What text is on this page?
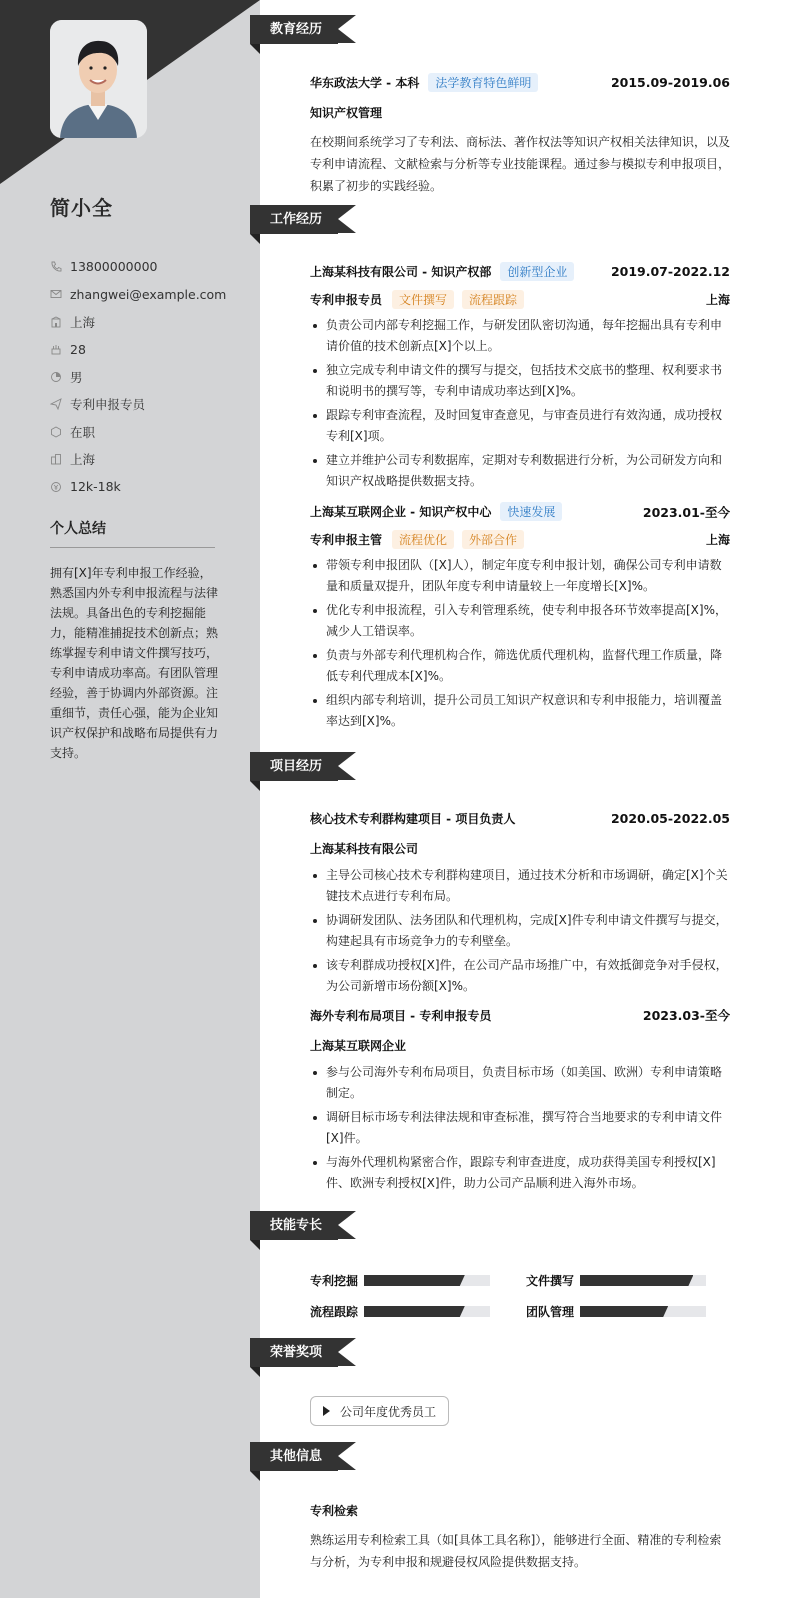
简小全
13800000000
zhangwei@example.com
上海
28
男
专利申报专员
在职
上海
12k-18k
个人总结
拥有[X]年专利申报工作经验，熟悉国内外专利申报流程与法律法规。具备出色的专利挖掘能力，能精准捕捉技术创新点；熟练掌握专利申请文件撰写技巧，专利申请成功率高。有团队管理经验，善于协调内外部资源。注重细节，责任心强，能为企业知识产权保护和战略布局提供有力支持。
教育经历
华东政法大学 - 本科	法学教育特色鲜明	2015.09-2019.06
知识产权管理
在校期间系统学习了专利法、商标法、著作权法等知识产权相关法律知识，以及专利申请流程、文献检索与分析等专业技能课程。通过参与模拟专利申报项目，积累了初步的实践经验。
工作经历
上海某科技有限公司 - 知识产权部	创新型企业	2019.07-2022.12
专利申报专员	文件撰写	流程跟踪	上海
负责公司内部专利挖掘工作，与研发团队密切沟通，每年挖掘出具有专利申请价值的技术创新点[X]个以上。
独立完成专利申请文件的撰写与提交，包括技术交底书的整理、权利要求书和说明书的撰写等，专利申请成功率达到[X]%。
跟踪专利审查流程，及时回复审查意见，与审查员进行有效沟通，成功授权专利[X]项。
建立并维护公司专利数据库，定期对专利数据进行分析，为公司研发方向和知识产权战略提供数据支持。
上海某互联网企业 - 知识产权中心	快速发展	2023.01-至今
专利申报主管	流程优化	外部合作	上海
带领专利申报团队（[X]人），制定年度专利申报计划，确保公司专利申请数量和质量双提升，团队年度专利申请量较上一年度增长[X]%。
优化专利申报流程，引入专利管理系统，使专利申报各环节效率提高[X]%，减少人工错误率。
负责与外部专利代理机构合作，筛选优质代理机构，监督代理工作质量，降低专利代理成本[X]%。
组织内部专利培训，提升公司员工知识产权意识和专利申报能力，培训覆盖率达到[X]%。
项目经历
核心技术专利群构建项目 - 项目负责人	2020.05-2022.05
上海某科技有限公司
主导公司核心技术专利群构建项目，通过技术分析和市场调研，确定[X]个关键技术点进行专利布局。
协调研发团队、法务团队和代理机构，完成[X]件专利申请文件撰写与提交，构建起具有市场竞争力的专利壁垒。
该专利群成功授权[X]件，在公司产品市场推广中，有效抵御竞争对手侵权，为公司新增市场份额[X]%。
海外专利布局项目 - 专利申报专员	2023.03-至今
上海某互联网企业
参与公司海外专利布局项目，负责目标市场（如美国、欧洲）专利申请策略制定。
调研目标市场专利法律法规和审查标准，撰写符合当地要求的专利申请文件[X]件。
与海外代理机构紧密合作，跟踪专利审查进度，成功获得美国专利授权[X]件、欧洲专利授权[X]件，助力公司产品顺利进入海外市场。
技能专长
专利挖掘	文件撰写
流程跟踪	团队管理
荣誉奖项
公司年度优秀员工
其他信息
专利检索
熟练运用专利检索工具（如[具体工具名称]），能够进行全面、精准的专利检索与分析，为专利申报和规避侵权风险提供数据支持。
